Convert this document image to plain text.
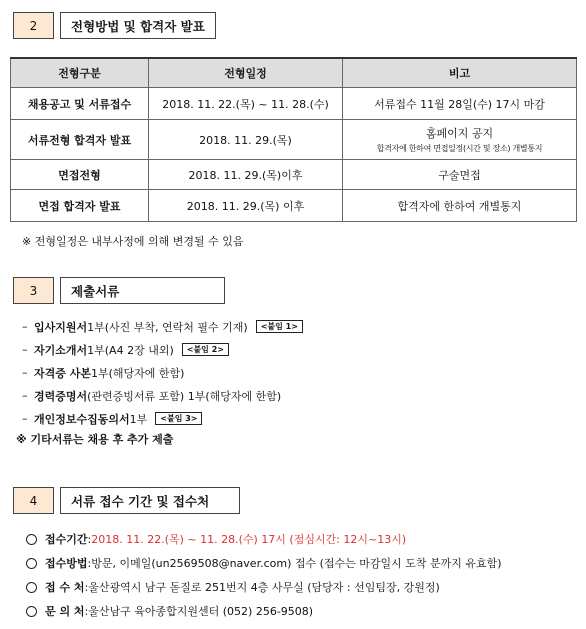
2	전형방법 및 합격자 발표
전형구분	전형일정	비고
채용공고 및 서류접수	2018. 11. 22.(목) ~ 11. 28.(수)	서류접수 11월 28일(수) 17시 마감
서류전형 합격자 발표	2018. 11. 29.(목)	홈페이지 공지
합격자에 한하여 면접일정(시간 및 장소) 개별통지

면접전형	2018. 11. 29.(목)이후	구술면접
면접 합격자 발표	2018. 11. 29.(목) 이후	합격자에 한하여 개별통지
※ 전형일정은 내부사정에 의해 변경될 수 있음
3	제출서류
– 입사지원서 1부(사진 부착, 연락처 필수 기재)	<붙임 1>
– 자기소개서 1부(A4 2장 내외)	<붙임 2>
– 자격증 사본 1부(해당자에 한함)
– 경력증명서 (관련증빙서류 포함) 1부(해당자에 한함)
– 개인정보수집동의서 1부	<붙임 3>
※ 기타서류는 채용 후 추가 제출
4	서류 접수 기간 및 접수처
접수기간 : 2018. 11. 22.(목) ~ 11. 28.(수) 17시 (점심시간: 12시~13시)
접수방법 : 방문, 이메일(un2569508@naver.com) 접수 (접수는 마감일시 도착 분까지 유효함)
접 수 처 : 울산광역시 남구 돋질로 251번지 4층 사무실 (담당자 : 선임팀장, 강원정)
문 의 처 : 울산남구 육아종합지원센터 (052) 256-9508)
